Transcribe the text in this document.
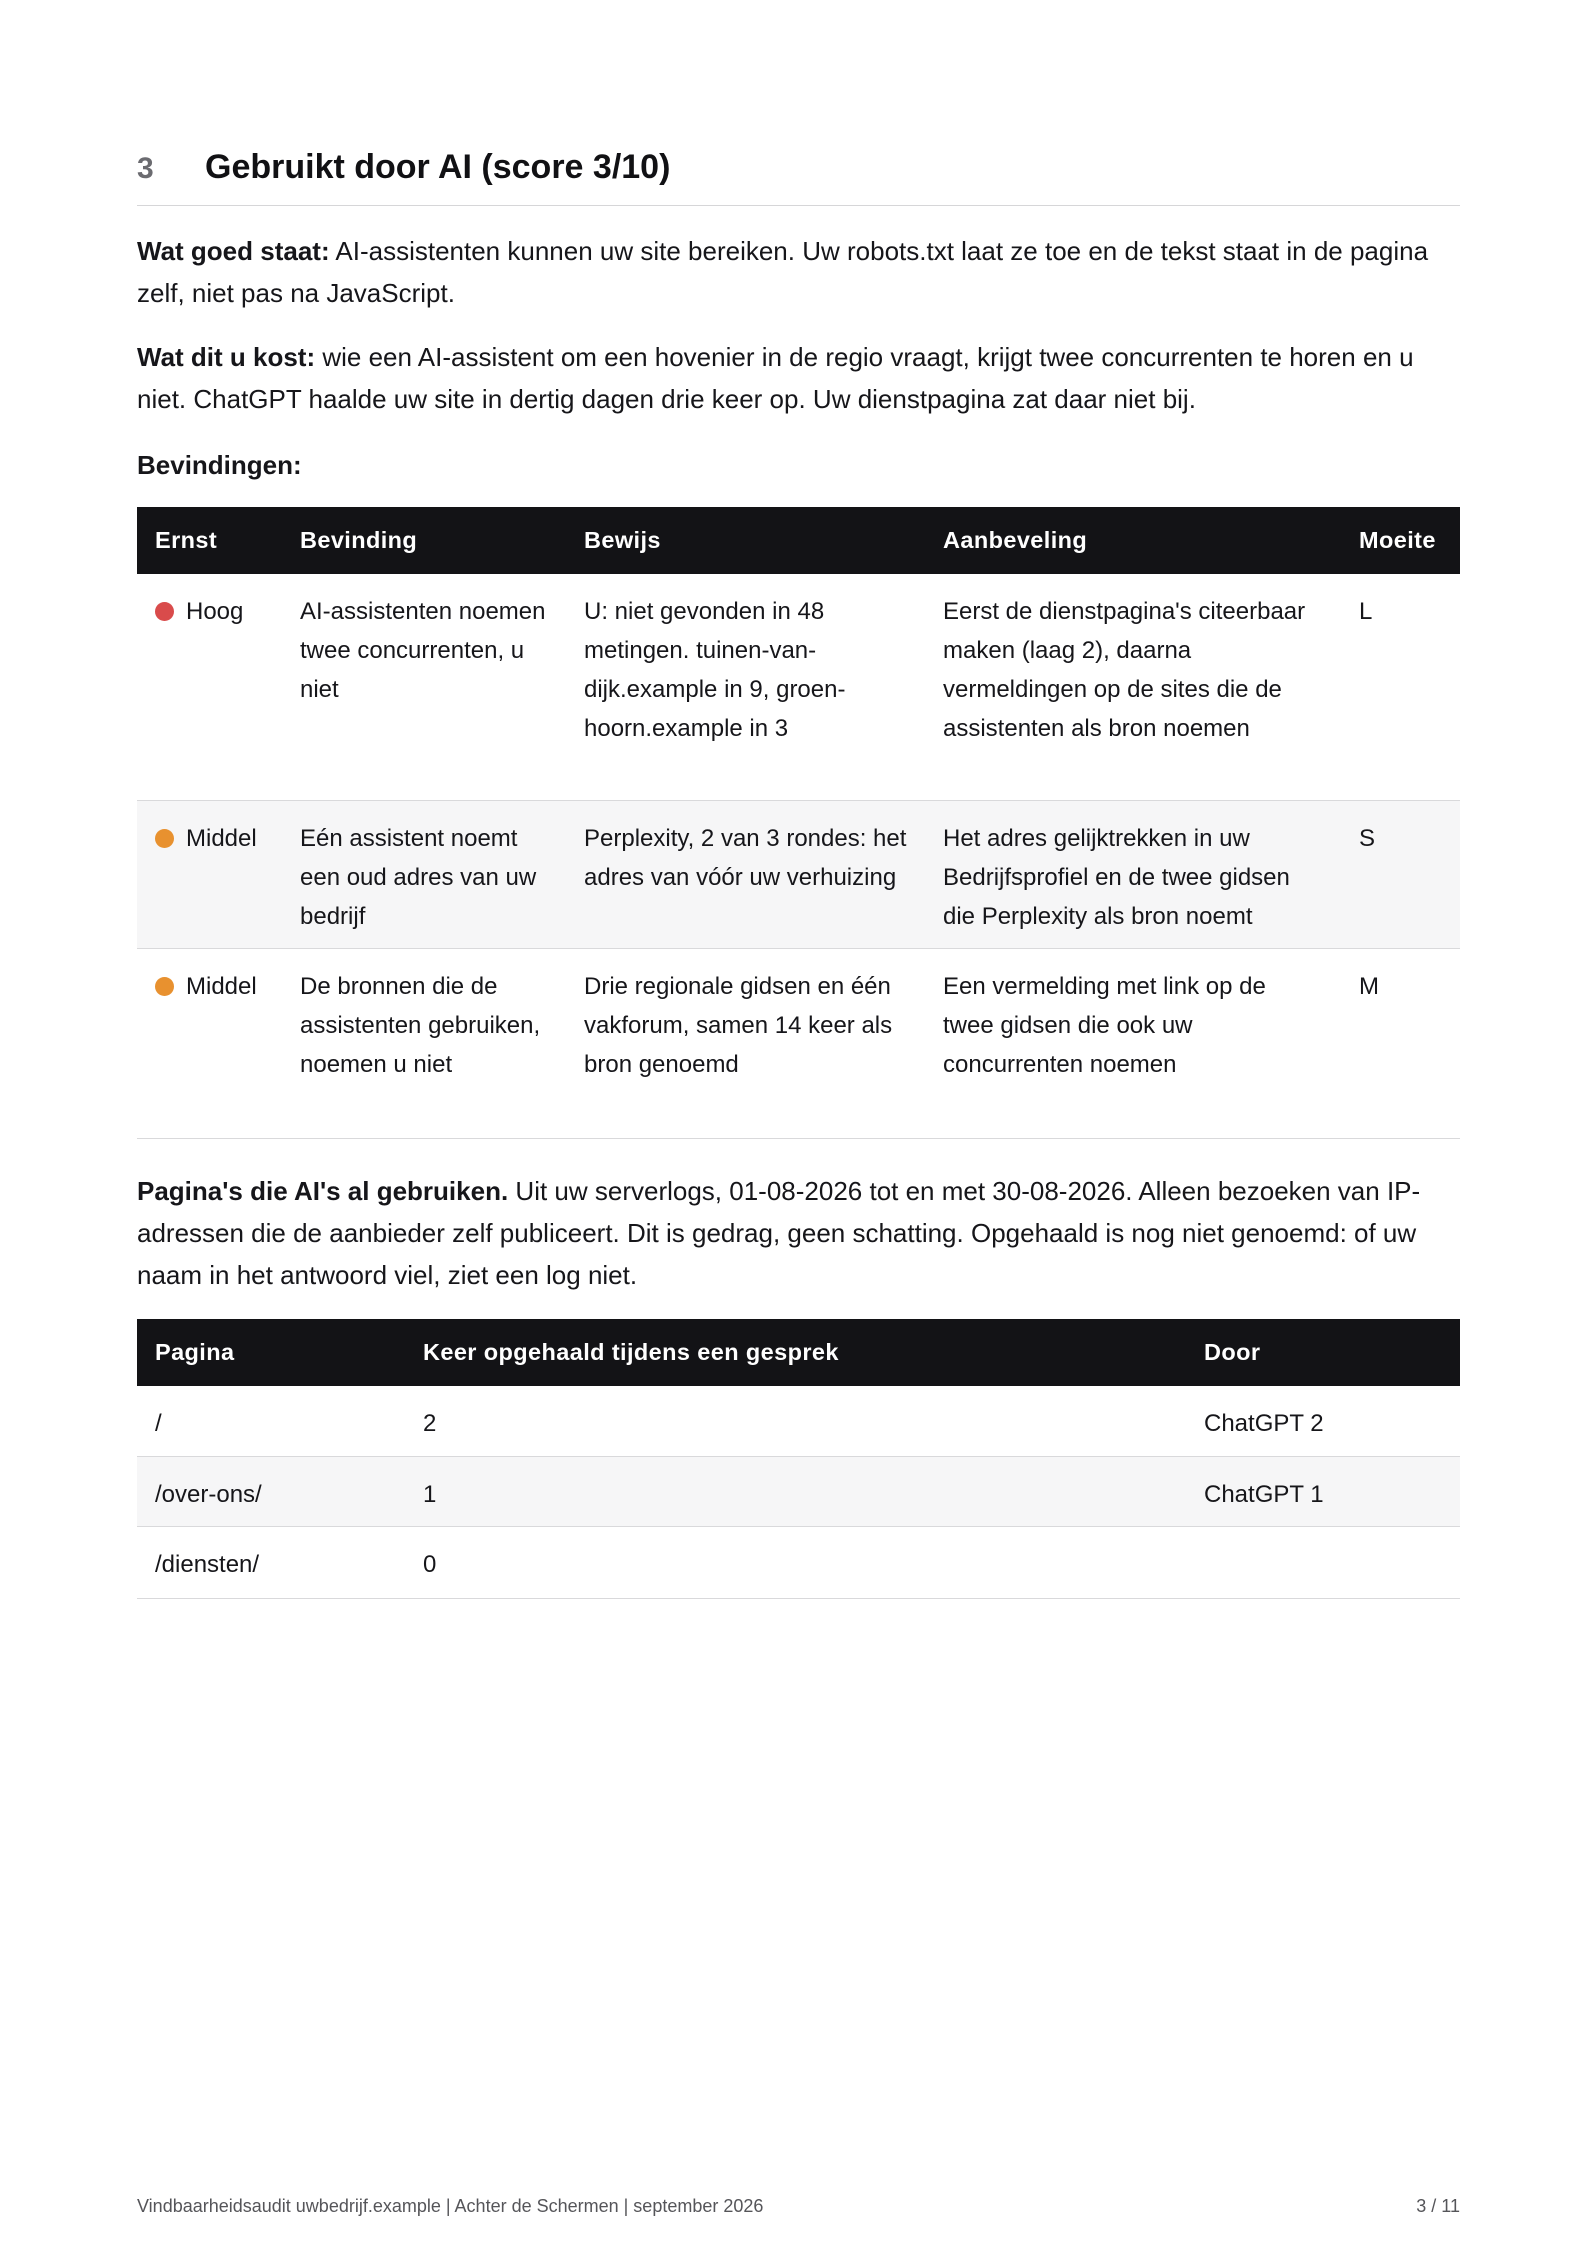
3	Gebruikt door AI (score 3/10)

Wat goed staat: AI-assistenten kunnen uw site bereiken. Uw robots.txt laat ze toe en de tekst staat in de pagina zelf, niet pas na JavaScript.

Wat dit u kost: wie een AI-assistent om een hovenier in de regio vraagt, krijgt twee concurrenten te horen en u niet. ChatGPT haalde uw site in dertig dagen drie keer op. Uw dienstpagina zat daar niet bij.

Bevindingen:

Ernst	Bevinding	Bewijs	Aanbeveling	Moeite

Hoog	AI-assistenten noemen twee concurrenten, u niet	U: niet gevonden in 48 metingen. tuinen-van-dijk.example in 9, groen-hoorn.example in 3	Eerst de dienstpagina's citeerbaar maken (laag 2), daarna vermeldingen op de sites die de assistenten als bron noemen	L

Middel	Eén assistent noemt een oud adres van uw bedrijf	Perplexity, 2 van 3 rondes: het adres van vóór uw verhuizing	Het adres gelijktrekken in uw Bedrijfsprofiel en de twee gidsen die Perplexity als bron noemt	S

Middel	De bronnen die de assistenten gebruiken, noemen u niet	Drie regionale gidsen en één vakforum, samen 14 keer als bron genoemd	Een vermelding met link op de twee gidsen die ook uw concurrenten noemen	M

Pagina's die AI's al gebruiken. Uit uw serverlogs, 01-08-2026 tot en met 30-08-2026. Alleen bezoeken van IP-adressen die de aanbieder zelf publiceert. Dit is gedrag, geen schatting. Opgehaald is nog niet genoemd: of uw naam in het antwoord viel, ziet een log niet.

Pagina	Keer opgehaald tijdens een gesprek	Door
/	2	ChatGPT 2
/over-ons/	1	ChatGPT 1
/diensten/	0	
Vindbaarheidsaudit uwbedrijf.example | Achter de Schermen | september 2026	3 / 11
